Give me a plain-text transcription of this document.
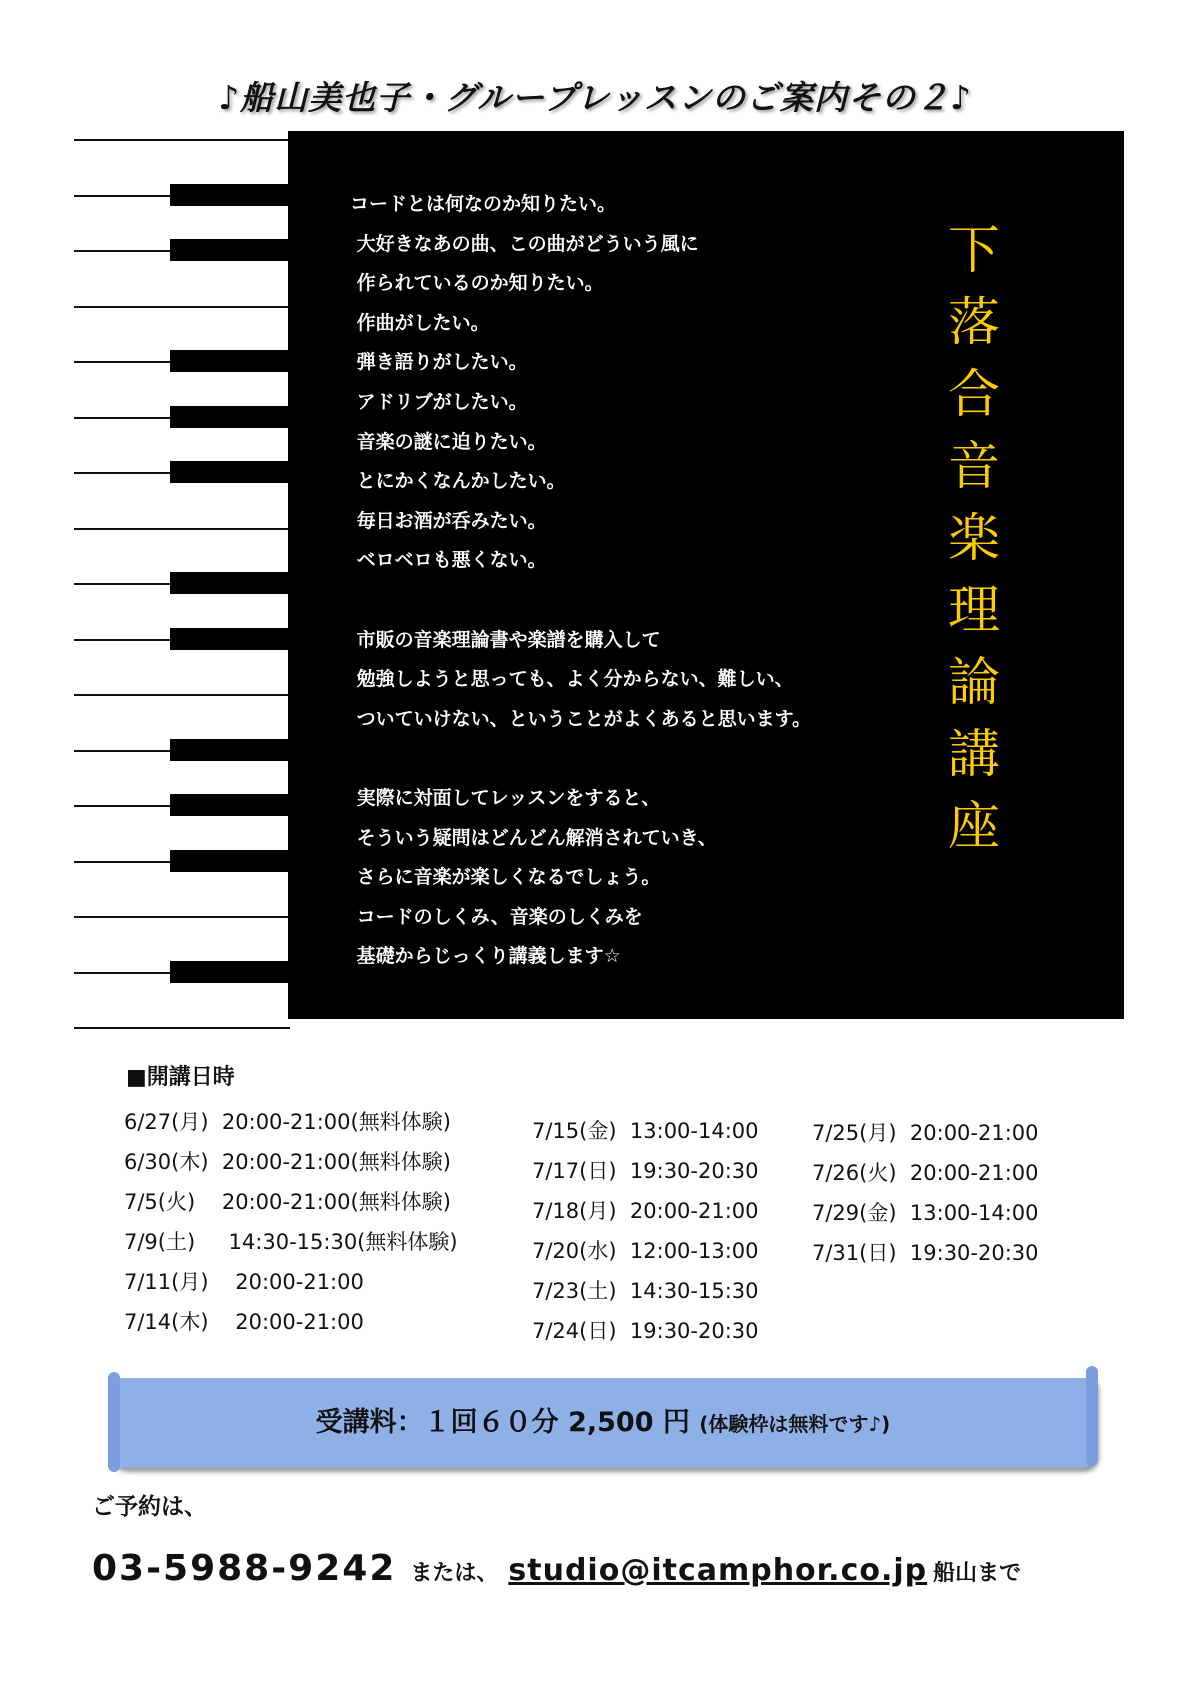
♪船山美也子・グループレッスンのご案内その２♪
コードとは何なのか知りたい。
大好きなあの曲、この曲がどういう風に
作られているのか知りたい。
作曲がしたい。
弾き語りがしたい。
アドリブがしたい。
音楽の謎に迫りたい。
とにかくなんかしたい。
毎日お酒が呑みたい。
ベロベロも悪くない。

市販の音楽理論書や楽譜を購入して
勉強しようと思っても、よく分からない、難しい、
ついていけない、ということがよくあると思います。

実際に対面してレッスンをすると、
そういう疑問はどんどん解消されていき、
さらに音楽が楽しくなるでしょう。
コードのしくみ、音楽のしくみを
基礎からじっくり講義します☆
下
落
合
音
楽
理
論
講
座
■開講日時
6/27(月)  20:00-21:00(無料体験)
6/30(木)  20:00-21:00(無料体験)
7/5(火)    20:00-21:00(無料体験)
7/9(土)     14:30-15:30(無料体験)
7/11(月)    20:00-21:00
7/14(木)    20:00-21:00
7/15(金)  13:00-14:00
7/17(日)  19:30-20:30
7/18(月)  20:00-21:00
7/20(水)  12:00-13:00
7/23(土)  14:30-15:30
7/24(日)  19:30-20:30
7/25(月)  20:00-21:00
7/26(火)  20:00-21:00
7/29(金)  13:00-14:00
7/31(日)  19:30-20:30
受講料：１回６０分 2,500 円 (体験枠は無料です♪)
ご予約は、
03-5988-9242 または、 studio@itcamphor.co.jp 船山まで
